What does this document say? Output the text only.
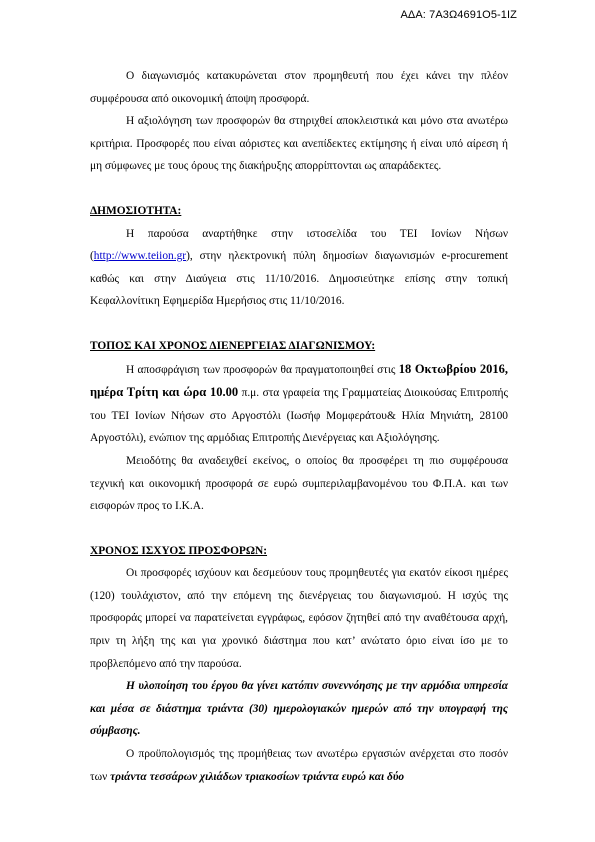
ΑΔΑ: 7Α3Ω4691Ο5-1ΙΖ

Ο διαγωνισμός κατακυρώνεται στον προμηθευτή που έχει κάνει την πλέον συμφέρουσα από οικονομική άποψη προσφορά.

Η αξιολόγηση των προσφορών θα στηριχθεί αποκλειστικά και μόνο στα ανωτέρω κριτήρια. Προσφορές που είναι αόριστες και ανεπίδεκτες εκτίμησης ή είναι υπό αίρεση ή μη σύμφωνες με τους όρους της διακήρυξης απορρίπτονται ως απαράδεκτες.

ΔΗΜΟΣΙΟΤΗΤΑ:

Η παρούσα αναρτήθηκε στην ιστοσελίδα του ΤΕΙ Ιονίων Νήσων (http://www.teiion.gr), στην ηλεκτρονική πύλη δημοσίων διαγωνισμών e-procurement καθώς και στην Διαύγεια στις 11/10/2016. Δημοσιεύτηκε επίσης στην τοπική Κεφαλλονίτικη Εφημερίδα Ημερήσιος στις 11/10/2016.

ΤΟΠΟΣ ΚΑΙ ΧΡΟΝΟΣ ΔΙΕΝΕΡΓΕΙΑΣ ΔΙΑΓΩΝΙΣΜΟΥ:

Η αποσφράγιση των προσφορών θα πραγματοποιηθεί στις 18 Οκτωβρίου 2016, ημέρα Τρίτη και ώρα 10.00 π.μ. στα γραφεία της Γραμματείας Διοικούσας Επιτροπής του ΤΕΙ Ιονίων Νήσων στο Αργοστόλι (Ιωσήφ Μομφεράτου& Ηλία Μηνιάτη, 28100 Αργοστόλι), ενώπιον της αρμόδιας Επιτροπής Διενέργειας και Αξιολόγησης.

Μειοδότης θα αναδειχθεί εκείνος, ο οποίος θα προσφέρει τη πιο συμφέρουσα τεχνική και οικονομική προσφορά σε ευρώ συμπεριλαμβανομένου του Φ.Π.Α. και των εισφορών προς το Ι.Κ.Α.

ΧΡΟΝΟΣ ΙΣΧΥΟΣ ΠΡΟΣΦΟΡΩΝ:

Οι προσφορές ισχύουν και δεσμεύουν τους προμηθευτές για εκατόν είκοσι ημέρες (120) τουλάχιστον, από την επόμενη της διενέργειας του διαγωνισμού. Η ισχύς της προσφοράς μπορεί να παρατείνεται εγγράφως, εφόσον ζητηθεί από την αναθέτουσα αρχή, πριν τη λήξη της και για χρονικό διάστημα που κατ’ ανώτατο όριο είναι ίσο με το προβλεπόμενο από την παρούσα.

Η υλοποίηση του έργου θα γίνει κατόπιν συνεννόησης με την αρμόδια υπηρεσία και μέσα σε διάστημα τριάντα (30) ημερολογιακών ημερών από την υπογραφή της σύμβασης.

Ο προϋπολογισμός της προμήθειας των ανωτέρω εργασιών ανέρχεται στο ποσόν των τριάντα τεσσάρων χιλιάδων τριακοσίων τριάντα ευρώ και δύο
